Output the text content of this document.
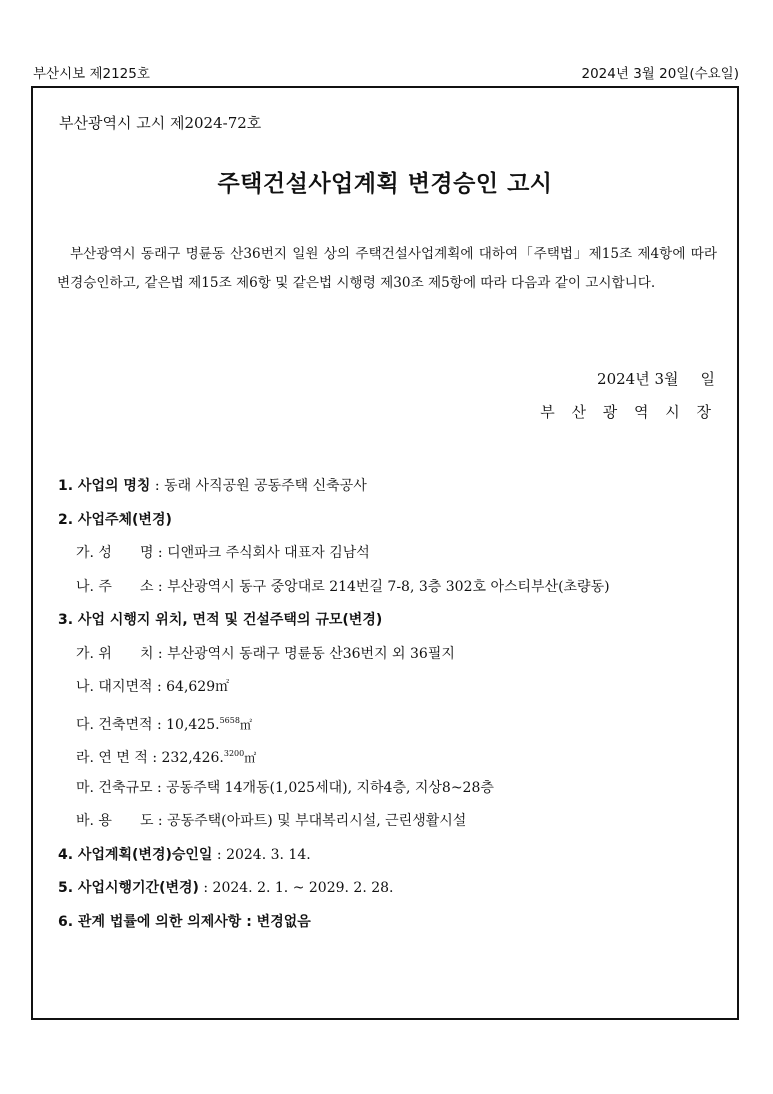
부산시보 제2125호	2024년 3월 20일(수요일)
부산광역시 고시 제2024-72호
주택건설사업계획 변경승인 고시
부산광역시 동래구 명륜동 산36번지 일원 상의 주택건설사업계획에 대하여「주택법」제15조 제4항에 따라 변경승인하고, 같은법 제15조 제6항 및 같은법 시행령 제30조 제5항에 따라 다음과 같이 고시합니다.
2024년 3월 일
부 산 광 역 시 장
1. 사업의 명칭 : 동래 사직공원 공동주택 신축공사
2. 사업주체(변경)
가. 성　　명 : 디앤파크 주식회사 대표자 김남석
나. 주　　소 : 부산광역시 동구 중앙대로 214번길 7-8, 3층 302호 아스티부산(초량동)
3. 사업 시행지 위치, 면적 및 건설주택의 규모(변경)
가. 위　　치 : 부산광역시 동래구 명륜동 산36번지 외 36필지
나. 대지면적 : 64,629㎡
다. 건축면적 : 10,425.$^{5658}$㎡
라. 연 면 적 : 232,426.$^{3200}$㎡
마. 건축규모 : 공동주택 14개동(1,025세대), 지하4층, 지상8~28층
바. 용　　도 : 공동주택(아파트) 및 부대복리시설, 근린생활시설
4. 사업계획(변경)승인일 : 2024. 3. 14.
5. 사업시행기간(변경) : 2024. 2. 1. ~ 2029. 2. 28.
6. 관계 법률에 의한 의제사항 : 변경없음
